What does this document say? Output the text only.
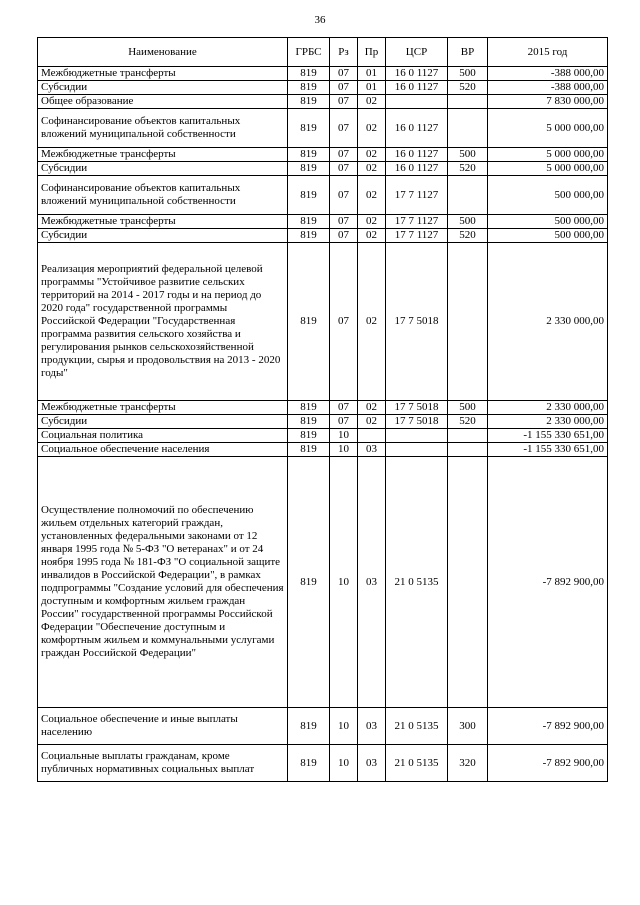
36
Наименование	ГРБС	Рз	Пр	ЦСР	ВР	2015 год
Межбюджетные трансферты	819	07	01	16 0 1127	500	-388 000,00
Субсидии	819	07	01	16 0 1127	520	-388 000,00
Общее образование	819	07	02			7 830 000,00
Софинансирование объектов капитальных вложений муниципальной собственности	819	07	02	16 0 1127		5 000 000,00
Межбюджетные трансферты	819	07	02	16 0 1127	500	5 000 000,00
Субсидии	819	07	02	16 0 1127	520	5 000 000,00
Софинансирование объектов капитальных вложений муниципальной собственности	819	07	02	17 7 1127		500 000,00
Межбюджетные трансферты	819	07	02	17 7 1127	500	500 000,00
Субсидии	819	07	02	17 7 1127	520	500 000,00
Реализация мероприятий федеральной целевой программы "Устойчивое развитие сельских территорий на 2014 - 2017 годы и на период до 2020 года" государственной программы Российской Федерации "Государственная программа развития сельского хозяйства и регулирования рынков сельскохозяйственной продукции, сырья и продовольствия на 2013 - 2020 годы"	819	07	02	17 7 5018		2 330 000,00
Межбюджетные трансферты	819	07	02	17 7 5018	500	2 330 000,00
Субсидии	819	07	02	17 7 5018	520	2 330 000,00
Социальная политика	819	10				-1 155 330 651,00
Социальное обеспечение населения	819	10	03			-1 155 330 651,00
Осуществление полномочий по обеспечению жильем отдельных категорий граждан, установленных федеральными законами от 12 января 1995 года № 5-ФЗ "О ветеранах" и от 24 ноября 1995 года № 181-ФЗ "О социальной защите инвалидов в Российской Федерации", в рамках подпрограммы "Создание условий для обеспечения доступным и комфортным жильем граждан России" государственной программы Российской Федерации "Обеспечение доступным и комфортным жильем и коммунальными услугами граждан Российской Федерации"	819	10	03	21 0 5135		-7 892 900,00
Социальное обеспечение и иные выплаты населению	819	10	03	21 0 5135	300	-7 892 900,00
Социальные выплаты гражданам, кроме публичных нормативных социальных выплат	819	10	03	21 0 5135	320	-7 892 900,00
